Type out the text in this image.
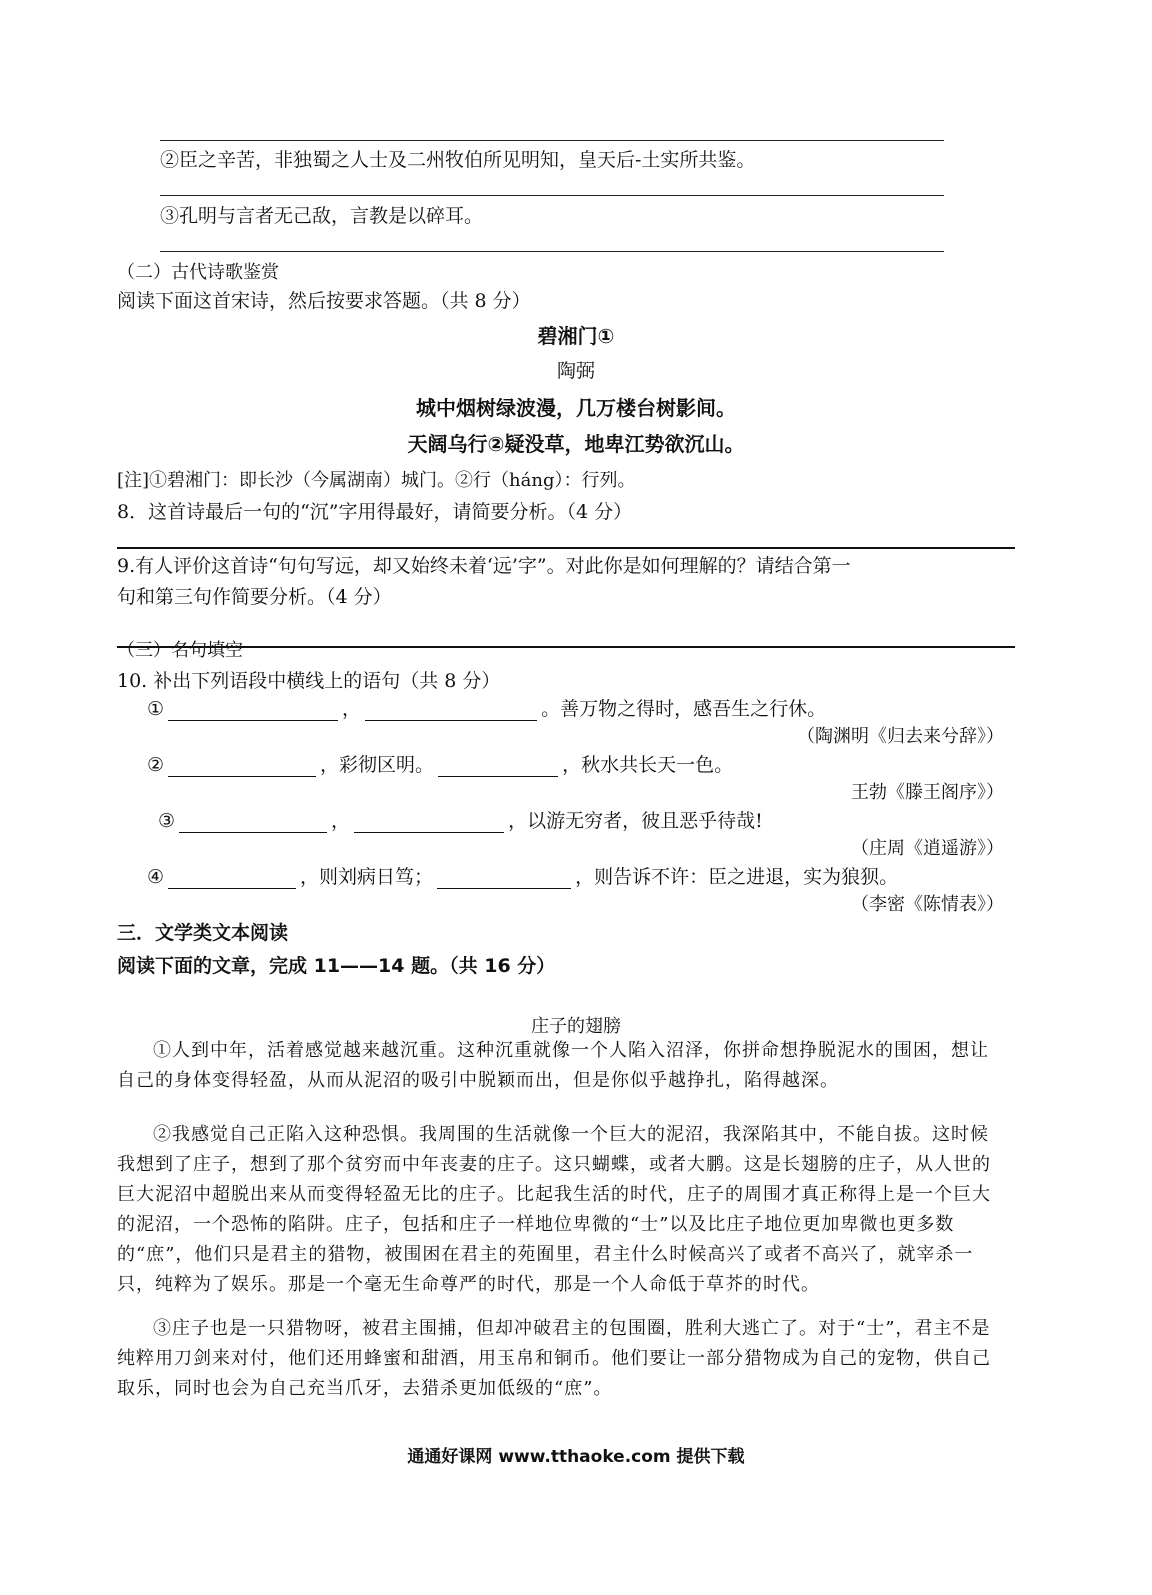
②臣之辛苦，非独蜀之人士及二州牧伯所见明知，皇天后-土实所共鉴。
③孔明与言者无己敌，言教是以碎耳。
（二）古代诗歌鉴赏
阅读下面这首宋诗，然后按要求答题。（共 8 分）
碧湘门①
陶弼
城中烟树绿波漫，几万楼台树影间。
天阔乌行②疑没草，地卑江势欲沉山。
[注]①碧湘门：即长沙（今属湖南）城门。②行（háng）：行列。
8．这首诗最后一句的“沉”字用得最好，请简要分析。（4 分）
9.有人评价这首诗“句句写远，却又始终未着‘远’字”。对此你是如何理解的？请结合第一
句和第三句作简要分析。（4 分）
（三）名句填空
10. 补出下列语段中横线上的语句（共 8 分）
①	，	。善万物之得时，感吾生之行休。
（陶渊明《归去来兮辞》）
②	，彩彻区明。	，秋水共长天一色。
王勃《滕王阁序》）
③	，	，以游无穷者，彼且恶乎待哉!
（庄周《逍遥游》）
④	，则刘病日笃；	，则告诉不许：臣之进退，实为狼狈。
（李密《陈情表》）
三．文学类文本阅读
阅读下面的文章，完成 11——14 题。（共 16 分）
庄子的翅膀
①人到中年，活着感觉越来越沉重。这种沉重就像一个人陷入沼泽，你拼命想挣脱泥水的围困，想让自己的身体变得轻盈，从而从泥沼的吸引中脱颖而出，但是你似乎越挣扎，陷得越深。
②我感觉自己正陷入这种恐惧。我周围的生活就像一个巨大的泥沼，我深陷其中，不能自拔。这时候我想到了庄子，想到了那个贫穷而中年丧妻的庄子。这只蝴蝶，或者大鹏。这是长翅膀的庄子，从人世的巨大泥沼中超脱出来从而变得轻盈无比的庄子。比起我生活的时代，庄子的周围才真正称得上是一个巨大的泥沼，一个恐怖的陷阱。庄子，包括和庄子一样地位卑微的“士”以及比庄子地位更加卑微也更多数的“庶”，他们只是君主的猎物，被围困在君主的苑囿里，君主什么时候高兴了或者不高兴了，就宰杀一只，纯粹为了娱乐。那是一个毫无生命尊严的时代，那是一个人命低于草芥的时代。
③庄子也是一只猎物呀，被君主围捕，但却冲破君主的包围圈，胜利大逃亡了。对于“士”，君主不是纯粹用刀剑来对付，他们还用蜂蜜和甜酒，用玉帛和铜币。他们要让一部分猎物成为自己的宠物，供自己取乐，同时也会为自己充当爪牙，去猎杀更加低级的“庶”。
通通好课网 www.tthaoke.com 提供下载
